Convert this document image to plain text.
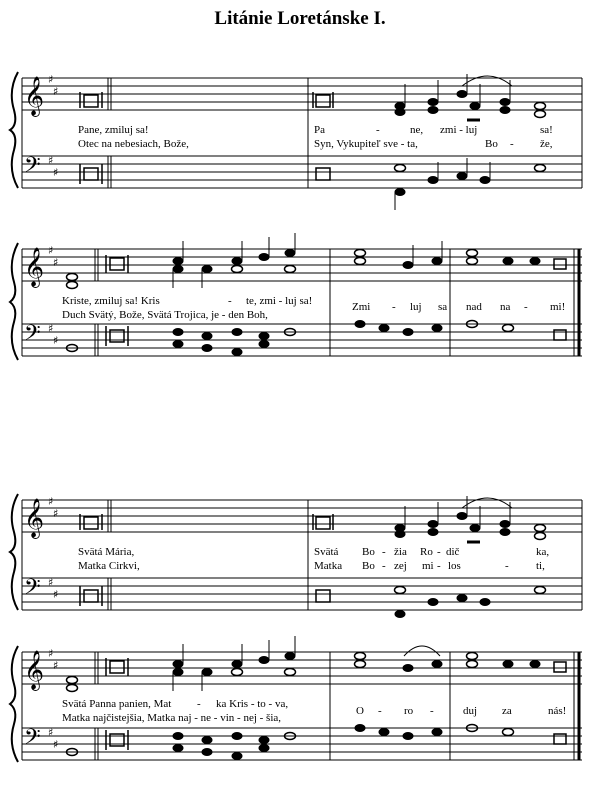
Litánie Loretánske I.
𝄞
𝄢
♯
♯
♯
♯
Pane, zmiluj sa!
Otec na nebesiach, Bože,
Pa	-	ne, zmi - luj	sa!
Syn, Vykupiteľ sve - ta,	Bo - že,
𝄞
𝄢
♯
♯
♯
♯
Kriste, zmiluj sa! Kris	- te, zmi - luj sa!
Duch Svätý, Bože, Svätá Trojica, je - den Boh,
Zmi - luj sa nad na - mi!
𝄞
𝄢
♯
♯
♯
♯
Svätá Mária,
Matka Cirkvi,
Svätá Bo - žia Ro - dič	ka,
Matka Bo - zej mi - los	- ti,
𝄞
𝄢
♯
♯
♯
♯
Svätá Panna panien, Mat - ka Kris - to - va,
Matka najčistejšia, Matka naj - ne - vin - nej - šia,
O - ro -	duj za	nás!
